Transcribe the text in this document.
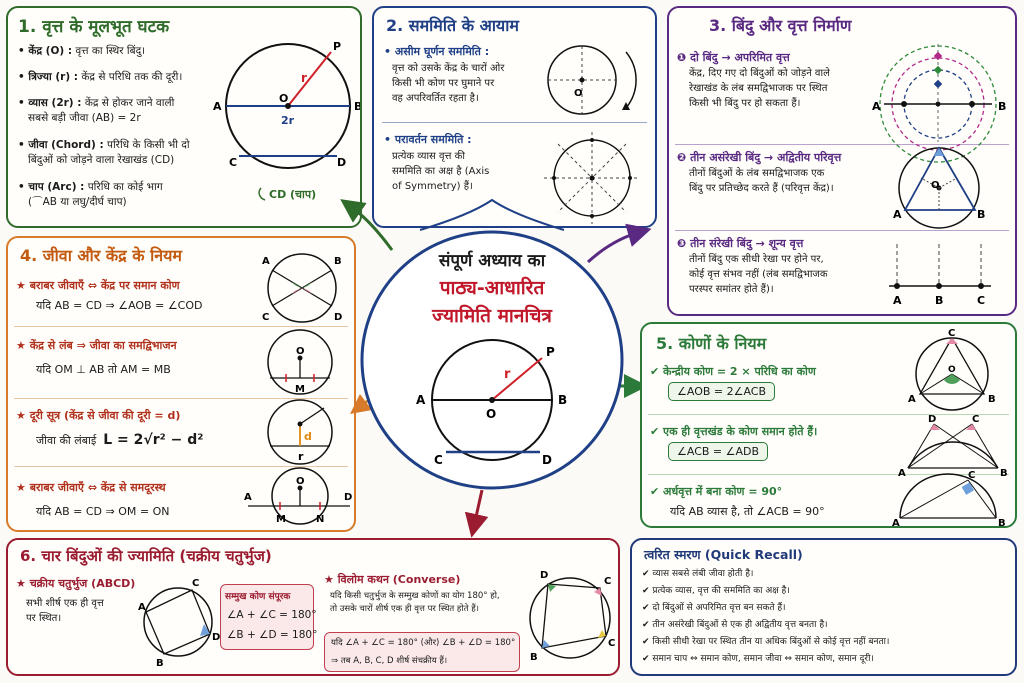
1. वृत्त के मूलभूत घटक
• केंद्र (O) : वृत्त का स्थिर बिंदु।
• त्रिज्या (r) : केंद्र से परिधि तक की दूरी।
• व्यास (2r) : केंद्र से होकर जाने वाली
सबसे बड़ी जीवा (AB) = 2r
• जीवा (Chord) : परिधि के किसी भी दो
बिंदुओं को जोड़ने वाला रेखाखंड (CD)
• चाप (Arc) : परिधि का कोई भाग
(⌒AB या लघु/दीर्घ चाप)
A	B
O
P
r
2r
C	D
CD (चाप)
2. सममिति के आयाम
• असीम घूर्णन सममिति :
वृत्त को उसके केंद्र के चारों ओर
किसी भी कोण पर घुमाने पर
वह अपरिवर्तित रहता है।
• परावर्तन सममिति :
प्रत्येक व्यास वृत्त की
सममिति का अक्ष है (Axis
of Symmetry) हैं।
O
3. बिंदु और वृत्त निर्माण
❶ दो बिंदु → अपरिमित वृत्त
केंद्र, दिए गए दो बिंदुओं को जोड़ने वाले
रेखाखंड के लंब समद्विभाजक पर स्थित
किसी भी बिंदु पर हो सकता हैं।
❷ तीन असंरेखी बिंदु → अद्वितीय परिवृत्त
तीनों बिंदुओं के लंब समद्विभाजक एक
बिंदु पर प्रतिच्छेद करते हैं (परिवृत्त केंद्र)।
❸ तीन संरेखी बिंदु → शून्य वृत्त
तीनों बिंदु एक सीधी रेखा पर होने पर,
कोई वृत्त संभव नहीं (लंब समद्विभाजक
परस्पर समांतर होते हैं)।
A	B
O
A	B
A	B	C
4. जीवा और केंद्र के नियम
★ बराबर जीवाएँ ⇔ केंद्र पर समान कोण
यदि AB = CD ⇒ ∠AOB = ∠COD
★ केंद्र से लंब ⇒ जीवा का समद्विभाजन
यदि OM ⊥ AB तो AM = MB
★ दूरी सूत्र (केंद्र से जीवा की दूरी = d)
जीवा की लंबाई L = 2√r² − d²
★ बराबर जीवाएँ ⇔ केंद्र से समदूरस्थ
यदि AB = CD ⇒ OM = ON
A	B
C	D
O
M
d
r
O
A	D
M	N
संपूर्ण अध्याय का
पाठ्य-आधारित
ज्यामिति मानचित्र
A	B
O
P
r
C	D
5. कोणों के नियम
✔ केन्द्रीय कोण = 2 × परिधि का कोण
∠AOB = 2∠ACB
✔ एक ही वृत्तखंड के कोण समान होते हैं।
∠ACB = ∠ADB
✔ अर्धवृत्त में बना कोण = 90°
यदि AB व्यास है, तो ∠ACB = 90°
C
A	B
O
D	C
A	B
C
A	B
6. चार बिंदुओं की ज्यामिति (चक्रीय चतुर्भुज)
★ चक्रीय चतुर्भुज (ABCD)
सभी शीर्ष एक ही वृत्त
पर स्थित।
A
C
D
B
सम्मुख कोण संपूरक
∠A + ∠C = 180°
∠B + ∠D = 180°
★ विलोम कथन (Converse)
यदि किसी चतुर्भुज के सम्मुख कोणों का योग 180° हो,
तो उसके चारों शीर्ष एक ही वृत्त पर स्थित होते हैं।
यदि ∠A + ∠C = 180° (और) ∠B + ∠D = 180°
⇒ तब A, B, C, D शीर्ष संचक्रीय हैं।
D
C
C
B
त्वरित स्मरण (Quick Recall)
✔ व्यास सबसे लंबी जीवा होती है।
✔ प्रत्येक व्यास, वृत्त की सममिति का अक्ष है।
✔ दो बिंदुओं से अपरिमित वृत्त बन सकते हैं।
✔ तीन असंरेखी बिंदुओं से एक ही अद्वितीय वृत्त बनता है।
✔ किसी सीधी रेखा पर स्थित तीन या अधिक बिंदुओं से कोई वृत्त नहीं बनता।
✔ समान चाप ⇔ समान कोण, समान जीवा ⇔ समान कोण, समान दूरी।
